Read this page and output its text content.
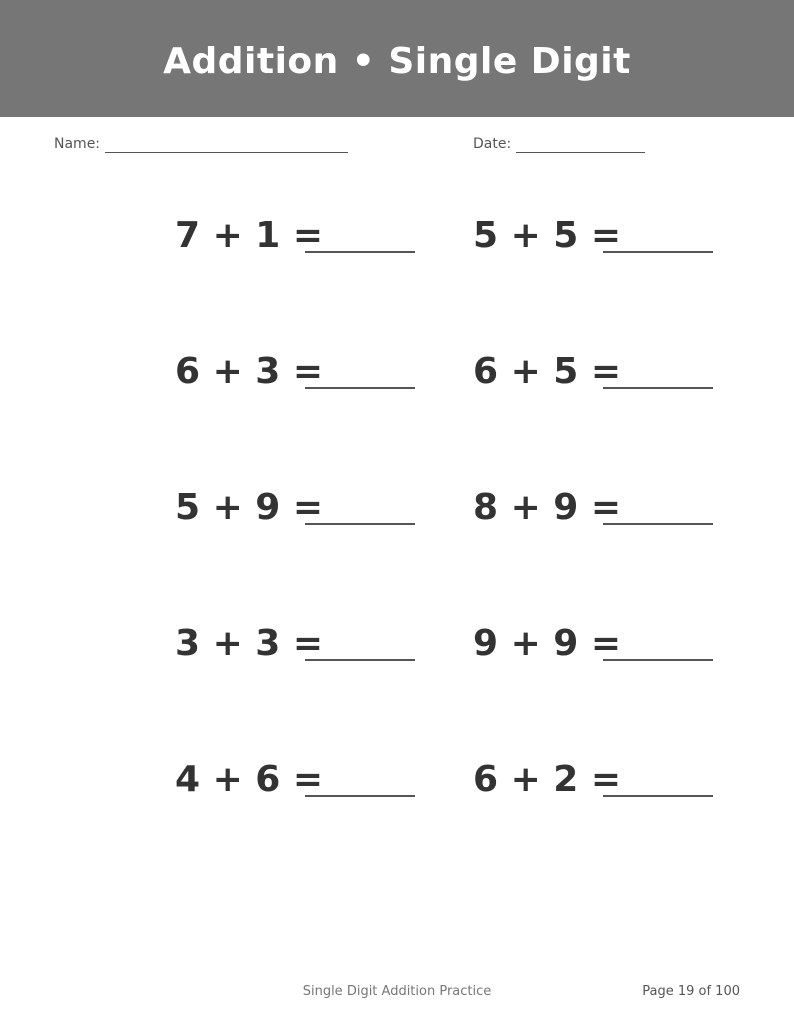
Addition • Single Digit
Name:	Date:
7 + 1 =	5 + 5 =
6 + 3 =	6 + 5 =
5 + 9 =	8 + 9 =
3 + 3 =	9 + 9 =
4 + 6 =	6 + 2 =
Single Digit Addition Practice	Page 19 of 100
